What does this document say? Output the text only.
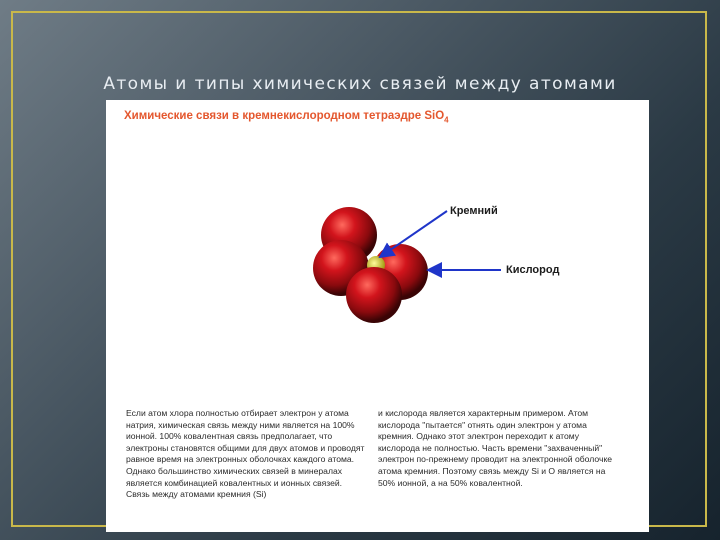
Атомы и типы химических связей между атомами
Химические связи в кремнекислородном тетраэдре SiO$_4$
Кремний
Кислород
Если атом хлора полностью отбирает электрон у атома натрия, химическая связь между ними является на 100% ионной. 100% ковалентная связь предполагает, что электроны становятся общими для двух атомов и проводят равное время на электронных оболочках каждого атома. Однако большинство химических связей в минералах является комбинацией ковалентных и ионных связей. Связь между атомами кремния (Si)
и кислорода является характерным примером. Атом кислорода "пытается" отнять один электрон у атома кремния. Однако этот электрон переходит к атому кислорода не полностью. Часть времени "захваченный" электрон по-прежнему проводит на электронной оболочке атома кремния. Поэтому связь между Si и O является на 50% ионной, а на 50% ковалентной.
